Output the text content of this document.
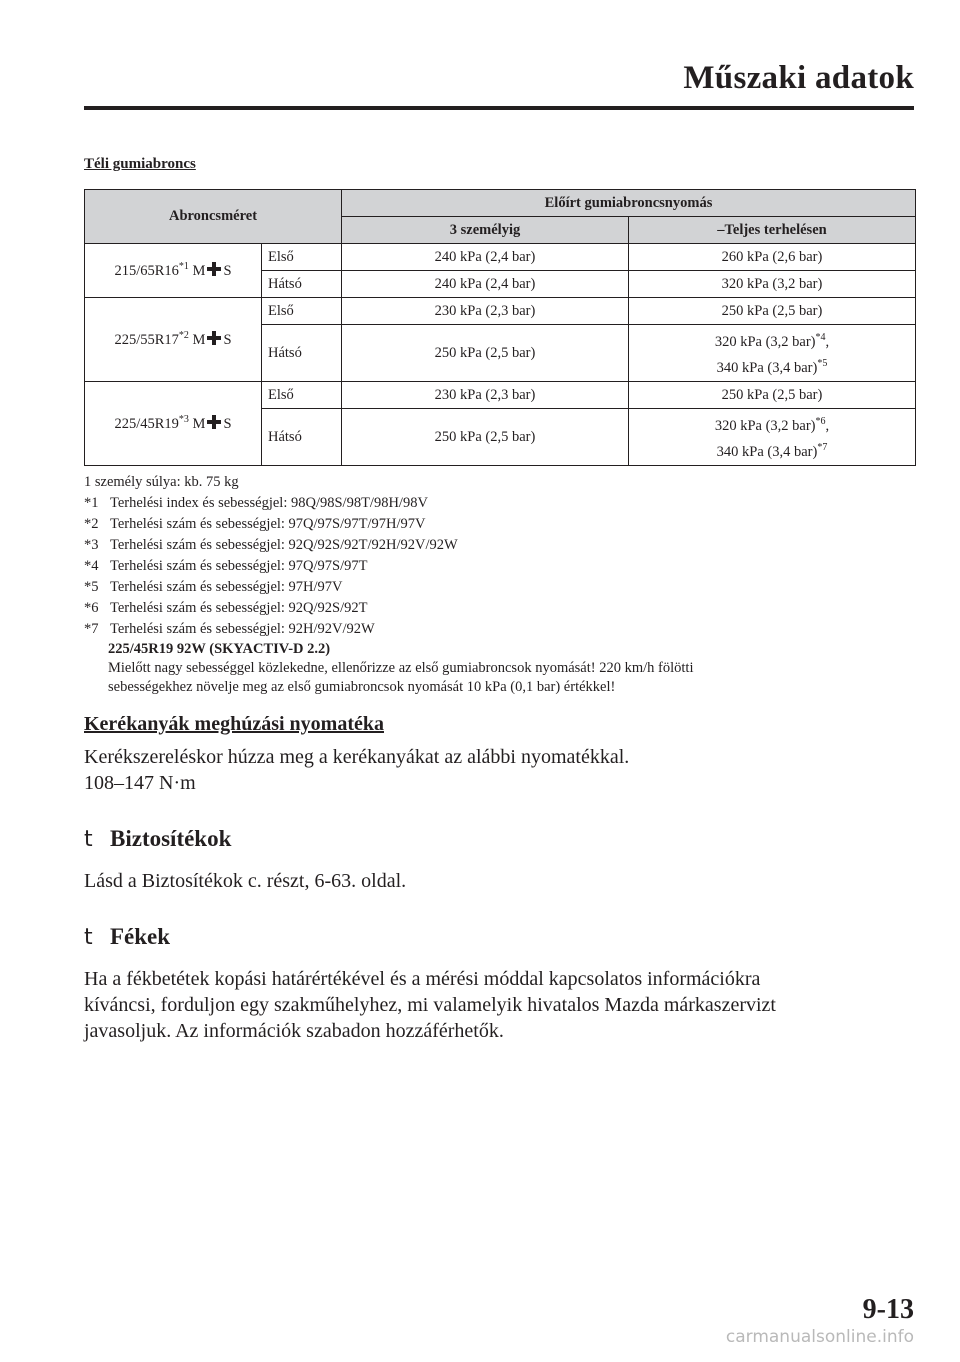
Műszaki adatok
Téli gumiabroncs
Abroncsméret		Előírt gumiabroncsnyomás	
		3 személyig	–Teljes terhelésen
215/65R16$^{*1}$ M S	Első	240 kPa (2,4 bar)	260 kPa (2,6 bar)
	Hátsó	240 kPa (2,4 bar)	320 kPa (3,2 bar)
225/55R17$^{*2}$ M S	Első	230 kPa (2,3 bar)	250 kPa (2,5 bar)
	Hátsó	250 kPa (2,5 bar)	320 kPa (3,2 bar)$^{*4}$,
340 kPa (3,4 bar)$^{*5}$
225/45R19$^{*3}$ M S	Első	230 kPa (2,3 bar)	250 kPa (2,5 bar)
	Hátsó	250 kPa (2,5 bar)	320 kPa (3,2 bar)$^{*6}$,
340 kPa (3,4 bar)$^{*7}$
1 személy súlya: kb. 75 kg
*1 Terhelési index és sebességjel: 98Q/98S/98T/98H/98V
*2 Terhelési szám és sebességjel: 97Q/97S/97T/97H/97V
*3 Terhelési szám és sebességjel: 92Q/92S/92T/92H/92V/92W
*4 Terhelési szám és sebességjel: 97Q/97S/97T
*5 Terhelési szám és sebességjel: 97H/97V
*6 Terhelési szám és sebességjel: 92Q/92S/92T
*7 Terhelési szám és sebességjel: 92H/92V/92W
225/45R19 92W (SKYACTIV-D 2.2)
Mielőtt nagy sebességgel közlekedne, ellenőrizze az első gumiabroncsok nyomását! 220 km/h fölötti
sebességekhez növelje meg az első gumiabroncsok nyomását 10 kPa (0,1 bar) értékkel!
Kerékanyák meghúzási nyomatéka
Kerékszereléskor húzza meg a kerékanyákat az alábbi nyomatékkal.
108–147 N·m
t Biztosítékok
Lásd a Biztosítékok c. részt, 6-63. oldal.
t Fékek
Ha a fékbetétek kopási határértékével és a mérési móddal kapcsolatos információkra
kíváncsi, forduljon egy szakműhelyhez, mi valamelyik hivatalos Mazda márkaszervizt
javasoljuk. Az információk szabadon hozzáférhetők.
9-13
carmanualsonline.info
